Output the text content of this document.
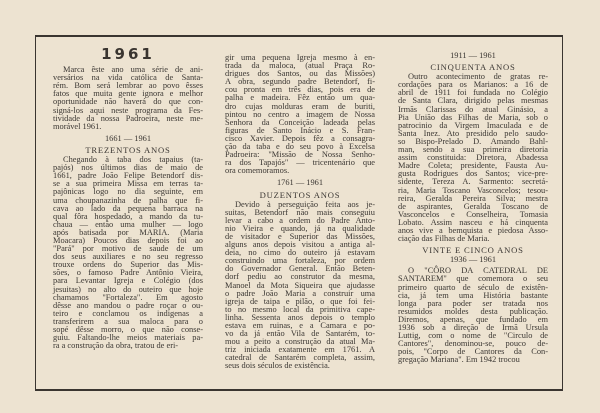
1961
Marca êste ano uma série de ani-
versários na vida católica de Santa-
rém. Bom será lembrar ao povo êsses
fatos que muita gente ignora e melhor
oportunidade não haverá do que con-
signá-los aqui neste programa da Fes-
tividade da nossa Padroeira, neste me-
morável 1961.
1661 — 1961
TREZENTOS ANOS
Chegando à taba dos tapaius (ta-
pajós) nos últimos dias de maio de
1661, padre João Felipe Betendorf dis-
se a sua primeira Missa em terras ta-
pajônicas logo no dia seguinte, em
uma choupanazinha de palha que fi-
cava ao lado da pequena barraca na
qual fôra hospedado, a mando da tu-
chaua — então uma mulher — logo
após batisada por MARIA. (Maria
Moacara) Poucos dias depois foi ao
"Pará" por motivo de saude de um
dos seus auxiliares e no seu regresso
trouxe ordens do Superior das Mis-
sões, o famoso Padre Antônio Vieira,
para Levantar Igreja e Colégio (dos
jesuitas) no alto do outeiro que hoje
chamamos "Fortaleza". Em agosto
dêsse ano mandou o padre roçar o ou-
teiro e conclamou os indigenas a
transferirem a sua maloca para o
sopé dêsse morro, o que não conse-
guiu. Faltando-lhe meios materiais pa-
ra a construção da obra, tratou de eri-
gir uma pequena Igreja mesmo à en-
trada da maloca, (atual Praça Ro-
drigues dos Santos, ou das Missões)
A obra, segundo padre Betendorf, fi-
cou pronta em três dias, pois era de
palha e madeira. Fêz então um qua-
dro cujas molduras eram de buriti,
pintou no centro a imagem de Nossa
Senhora da Conceição ladeada pelas
figuras de Santo Inácio e S. Fran-
cisco Xavier. Depois fêz a consagra-
ção da taba e do seu povo à Excelsa
Padroeira: "Missão de Nossa Senho-
ra dos Tapajós" — tricentenário que
ora comemoramos.
1761 — 1961
DUZENTOS ANOS
Devido à perseguição feita aos je-
suitas, Betendorf não mais conseguiu
levar a cabo a ordem do Padre Anto-
nio Vieira e quando, já na qualidade
de visitador e Superior das Missões,
alguns anos depois visitou a antiga al-
deia, no cimo do outeiro já estavam
construindo uma fortaleza, por ordem
do Governador General. Então Beten-
dorf pediu ao construtor da mesma,
Manoel da Mota Siqueira que ajudasse
o padre João Maria a construir uma
igreja de taipa e pilão, o que foi fei-
to no mesmo local da primitiva cape-
linha. Sessenta anos depois o templo
estava em ruinas, e a Camara e po-
vo da já então Vila de Santarém, to-
mou a peito a construção da atual Ma-
triz iniciada exatamente em 1761. A
catedral de Santarém completa, assim,
seus dois séculos de existência.
1911 — 1961
CINQUENTA ANOS
Outro acontecimento de gratas re-
cordações para os Marianos: a 16 de
abril de 1911 foi fundada no Colégio
de Santa Clara, dirigido pelas mesmas
Irmãs Clarissas do atual Ginásio, a
Pia União das Filhas de Maria, sob o
patrocinio da Virgem Imaculada e de
Santa Inez. Ato presidido pelo saudo-
so Bispo-Prelado D. Amando Bahl-
man, sendo a sua primeira diretoria
assim constituida: Diretora, Abadessa
Madre Coleta; presidente, Fausta Au-
gusta Rodrigues dos Santos; vice-pre-
sidente, Tereza A. Sarmento: secretá-
ria, Maria Toscano Vasconcelos; tesou-
reira, Geralda Pereira Silva; mestra
de aspirantes, Geralda Toscano de
Vasconcelos e Conselheira, Tomasia
Lobato. Assim nasceu e há cinquenta
anos vive a bemquista e piedosa Asso-
ciação das Filhas de Maria.
VINTE E CINCO ANOS
1936 — 1961
O "CÔRO DA CATEDRAL DE
SANTAREM" que comemora o seu
primeiro quarto de século de existên-
cia, já tem uma História bastante
longa para poder ser tratada nos
resumidos moldes desta publicação.
Diremos, apenas, que fundado em
1936 sob a direção de Irmã Ursula
Luttig, com o nome de "Circulo de
Cantores", denominou-se, pouco de-
pois, "Corpo de Cantores da Con-
gregação Mariana". Em 1942 trocou
